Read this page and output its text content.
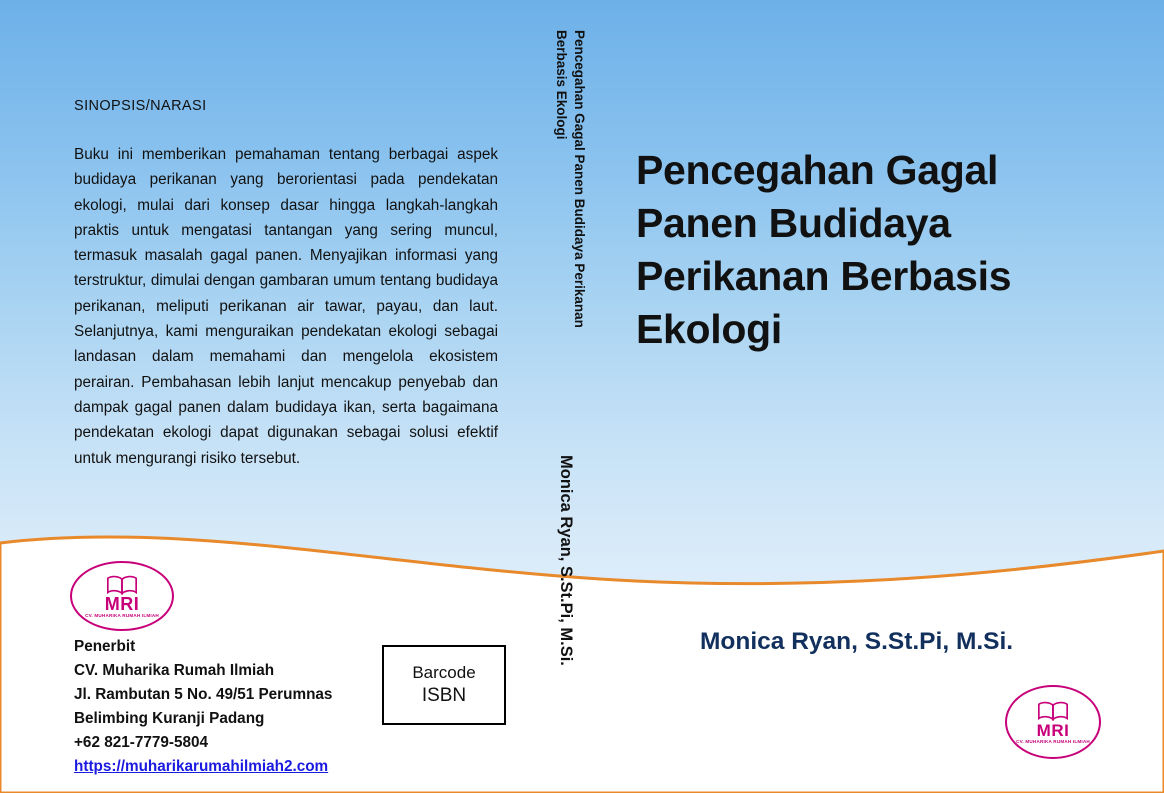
SINOPSIS/NARASI
Buku ini memberikan pemahaman tentang berbagai aspek budidaya perikanan yang berorientasi pada pendekatan ekologi, mulai dari konsep dasar hingga langkah-langkah praktis untuk mengatasi tantangan yang sering muncul, termasuk masalah gagal panen. Menyajikan informasi yang terstruktur, dimulai dengan gambaran umum tentang budidaya perikanan, meliputi perikanan air tawar, payau, dan laut. Selanjutnya, kami menguraikan pendekatan ekologi sebagai landasan dalam memahami dan mengelola ekosistem perairan. Pembahasan lebih lanjut mencakup penyebab dan dampak gagal panen dalam budidaya ikan, serta bagaimana pendekatan ekologi dapat digunakan sebagai solusi efektif untuk mengurangi risiko tersebut.
MRI
CV. MUHARIKA RUMAH ILMIAH
Penerbit
CV. Muharika Rumah Ilmiah
Jl. Rambutan 5 No. 49/51 Perumnas
Belimbing Kuranji Padang
+62 821-7779-5804
https://muharikarumahilmiah2.com
Barcode
ISBN
Pencegahan Gagal Panen Budidaya Perikanan
Berbasis Ekologi
Monica Ryan, S.St.Pi, M.Si.
Pencegahan Gagal
Panen Budidaya
Perikanan Berbasis
Ekologi
Monica Ryan, S.St.Pi, M.Si.
MRI
CV. MUHARIKA RUMAH ILMIAH
